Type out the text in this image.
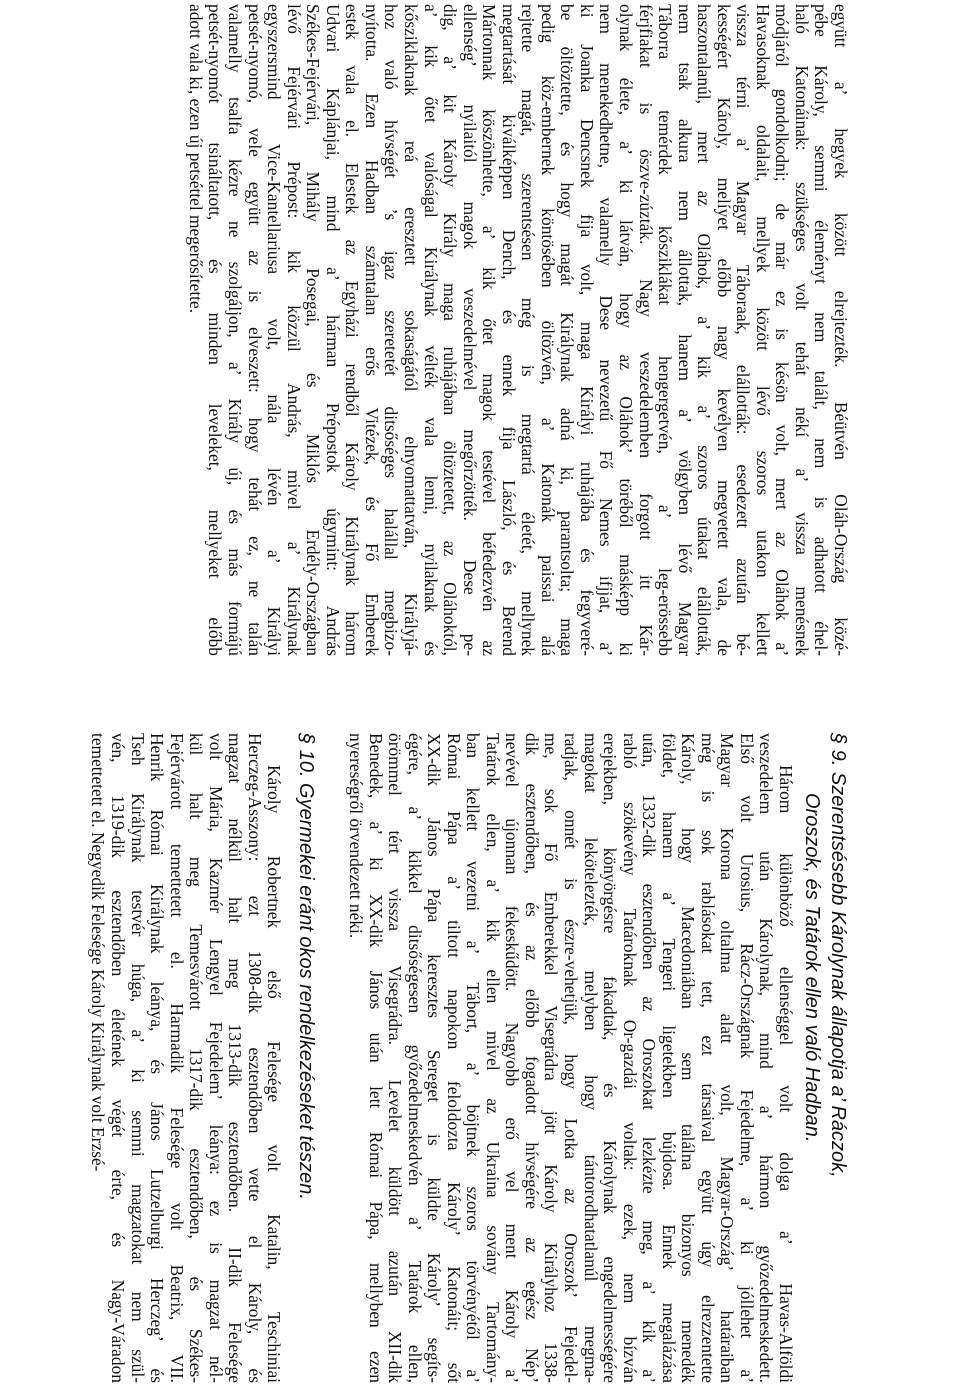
együtt a’ hegyek között elrejtezték. Béütvén Oláh-Ország közé-
pébe Károly, semmi éleményt nem talált, nem is adhatott éhel-
haló Katonáinak: szükséges volt tehát nékí a’ vissza menésnek
módjáról gondolkodni; de már ez is késön volt, mert az Oláhok a’
Havasoknak oldalait, mellyek között lévő szoros utakon kellett
vissza térni a’ Magyar Táboraak, elállották: esedezett azután bé-
kességért Károly, melíyet előbb nagy kevélyen megvetett vala, de
haszontalanúl, mert az Oláhok, a’ kik a’ szoros útakat elállották,
nem tsak alkura nem állottak, hanem a’ völgyben lévő Magyar
Táborra temérdek kősziklákat hengergetvén, a’ leg-erössebb
férjfiakat is öszve-zúzták. Nagy veszedelemben forgott itt Kár-
olynak élete, a’ ki látván, hogy az Oláhok’ töréből másképp ki
nem menekedhetne, valamelly Dese nevezetű Fő Nemes ifjjat, a’
ki Joanka Dencsnek fija volt, maga Királyi ruhájába és fegyveré-
be öltöztette, és hogy magát Királynak adná ki, parantsolta; maga
pedig köz-embernek köntösében öltözvén, a’ Katonák paissai alá
rejtette magát, szerentsésen még is megtartá életét, mellynek
megtartását kiválképpen Dench, és ennek fija László, és Berend
Mártonnak köszönhette, a’ kik őtet magok testével béfedezvén az
ellenség’ nyilaitól magok veszedelmével megőrzötték. Dese pe-
dig, a’ kit Károly Király maga ruhájában öltöztetett, az Oláhoktól,
a’ kik őtet valóságal Királynak vélték vala lenni, nyilaknak és
kősziklaknak reá eresztett sokaságától elnyomattatván, Királyjá-
hoz való hívségét ’s igaz szeretetét ditsőséges halállal megbizo-
nyította. Ezen Hadban számtalan erős Vitézek, és Fő Emberek
estek vala el. Elestek az Egyházi rendből Károly Királynak három
Udvari Káplánjai, mind a’ hárman Prépostok úgymint: András
Székes-Fejérvári, Mihály Posegai, és Miklós Erdély-Országban
lévő Fejérvári Prépost: kik közzül András, mivel a’ Királynak
egyszersmind Vice-Kantellariusa volt, nála lévén a’ Királyi
petsét-nyomó, vele együtt az is elveszett: hogy tehát ez, ne talán
valamelly tsalfa kézre ne szolgáljon, a’ Király új, és más formájú
petsét-nyomót tsináltatott, és minden leveleket, mellyeket előbb
adott vala ki, ezen új petséttel megerősítette.
§ 9. Szerentsésebb Károlynak állapotja a’ Ráczok,
Oroszok, és Tatárok ellen való Hadban.
Három különböző ellenséggel volt dolga a’ Havas-Alföldi
veszedelem után Károlynak, mind a’ hármon győzedelmeskedett.
Első volt Urosius, Rácz-Országnak Fejedelme, a’ ki jóllehet a’
Magyar Korona oltalma alatt volt, Magyar-Ország’ határaiban
még is sok rablásokat tett, ezt társaival együtt úgy elrezzentette
Károly, hogy Macedoniában sem találna bizonyos menedék
földet, hanem a’ Tengeri ligetekben bújdosa. Ennek megalázása
után, 1332-dik esztendőben az Oroszokat lezkézte meg, a’ kik a’
rabló szökevény Tatároknak Or-gazdái voltak: ezek, nem bízván
erejekben, könyörgésre fakadtak, és Károlynak engedelmességére
magokat lekötelezték, melyben hogy tántorodhatatlanúl megma-
radjak, onnét is észre-vehetjük, hogy Lotka az Oroszok’ Fejedel-
me, sok Fő Emberekkel Visegrádra jött Károly Királyhoz 1338-
dik esztendőben, és az előbb fogadott hívségére az egész Nép’
nevével újonnan fekeskűdött. Nagyobb erő vel ment Károly a’
Tatárok ellen, a’ kik ellen mivel az Ukraina sovány Tartomány-
ban kellett vezetni a’ Tábort, a’ böjtnek szoros törvényétől a’
Római Pápa a’ tiltott napokon feloldozta Károly’ Katonáit; sőt
XX-dik János Pápa keresztes Sereget is küldte Károly’ segíts-
égére, a’ kikkel ditsőségesen győzedelmeskedvén a’ Tatárok ellen,
örömmel tért vissza Visegrádra. Levelet küldött azután XII-dik
Benedek, a’ ki XX-dik János után lett Római Pápa, mellyben ezen
nyereségről örvendezett néki.
§ 10. Gyermekei eránt okos rendelkezéseket tészen.
Károly Robertnek első Felesége volt Katalin, Teschiniai
Herczeg-Asszony: ezt 1308-dik esztendőben vette el Károly, és
magzat nélkül halt meg 1313-dik esztendőben. II-dik Felesége
volt Mária, Kazmér Lengyel Fejedelem’ leánya: ez is magzat nél-
kül halt meg Temesvárott 1317-dik esztendőben, és Székes-
Fejérvárott temettetett el. Harmadik Felesége volt Beatrix, VII.
Henrik Római Királynak leánya, és János Lutzelburgi Herczeg’ és
Tseh Királynak testvér húga, a’ ki semmi magzatokat nem szül-
vén, 1319-dik esztendőben életének végét érte, és Nagy-Váradon
temettetett el. Negyedik Felesége Károly Királynak volt Erzsé-
